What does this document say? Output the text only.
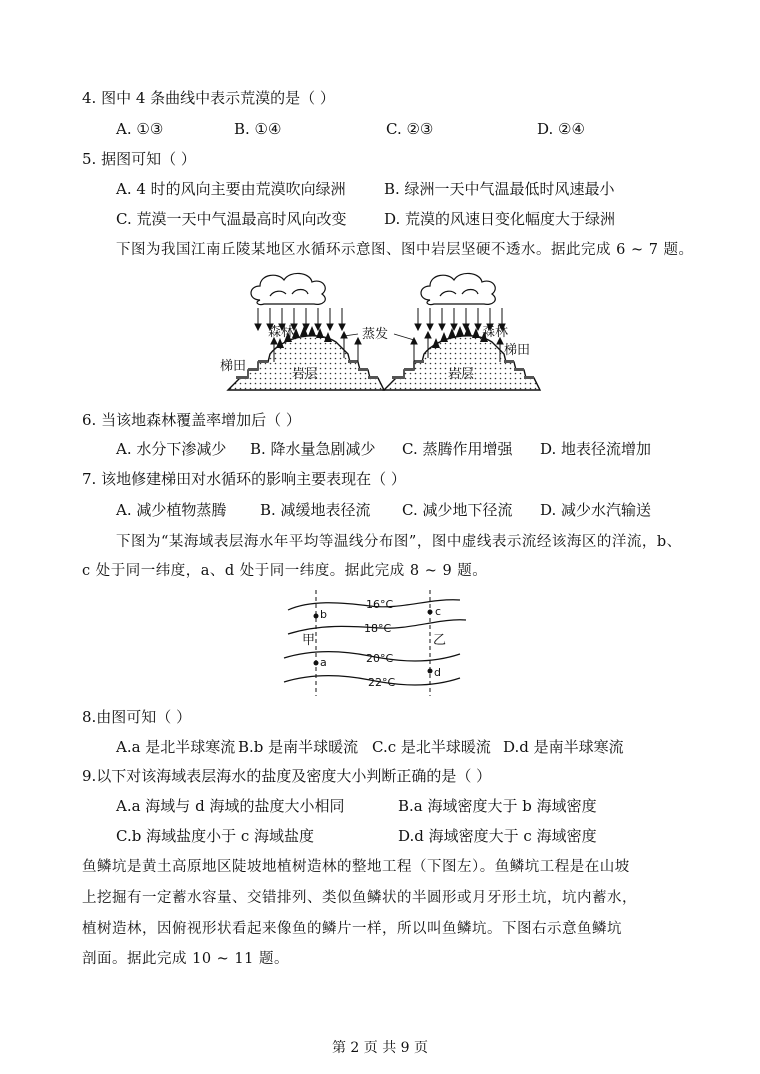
4. 图中 4 条曲线中表示荒漠的是（ ）
A. ①③	B. ①④	C. ②③	D. ②④
5. 据图可知（ ）
A. 4 时的风向主要由荒漠吹向绿洲	B. 绿洲一天中气温最低时风速最小
C. 荒漠一天中气温最高时风向改变	D. 荒漠的风速日变化幅度大于绿洲
下图为我国江南丘陵某地区水循环示意图、图中岩层坚硬不透水。据此完成 6 ~ 7 题。
森林	森林
梯田
梯田
蒸发
岩层	岩层
6. 当该地森林覆盖率增加后（ ）
A. 水分下渗减少 B. 降水量急剧减少 C. 蒸腾作用增强 D. 地表径流增加
7. 该地修建梯田对水循环的影响主要表现在（ ）
A. 减少植物蒸腾 B. 减缓地表径流 C. 减少地下径流 D. 减少水汽输送
下图为“某海域表层海水年平均等温线分布图”，图中虚线表示流经该海区的洋流，b、
c 处于同一纬度，a、d 处于同一纬度。据此完成 8 ~ 9 题。
16°C
18°C
20°C
22°C
b	c
a
d
甲	乙
8.由图可知（ ）
A.a 是北半球寒流 B.b 是南半球暖流 C.c 是北半球暖流 D.d 是南半球寒流
9.以下对该海域表层海水的盐度及密度大小判断正确的是（ ）
A.a 海域与 d 海域的盐度大小相同	B.a 海域密度大于 b 海域密度
C.b 海域盐度小于 c 海域盐度	D.d 海域密度大于 c 海域密度
鱼鳞坑是黄土高原地区陡坡地植树造林的整地工程（下图左）。鱼鳞坑工程是在山坡
上挖掘有一定蓄水容量、交错排列、类似鱼鳞状的半圆形或月牙形土坑，坑内蓄水，
植树造林，因俯视形状看起来像鱼的鳞片一样，所以叫鱼鳞坑。下图右示意鱼鳞坑
剖面。据此完成 10 ~ 11 题。
第 2 页 共 9 页
